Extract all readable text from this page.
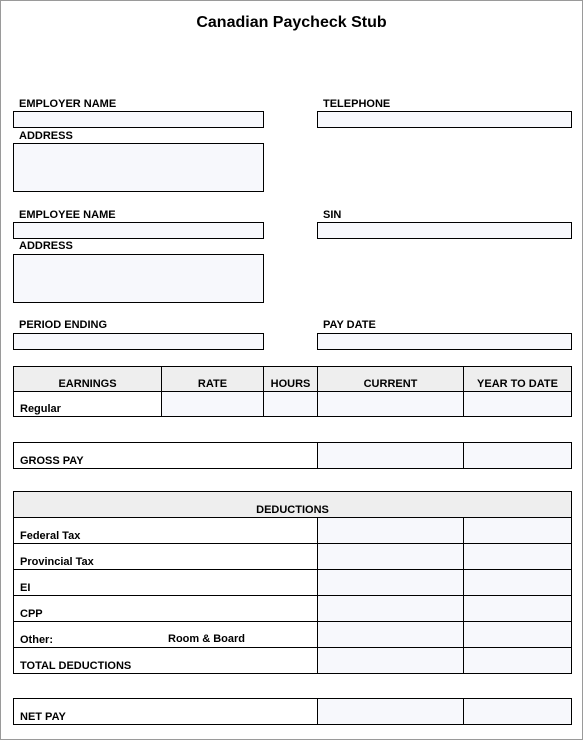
Canadian Paycheck Stub
EMPLOYER NAME	TELEPHONE
ADDRESS
EMPLOYEE NAME	SIN
ADDRESS
PERIOD ENDING	PAY DATE
EARNINGS	RATE	HOURS	CURRENT	YEAR TO DATE
Regular
GROSS PAY
DEDUCTIONS
Federal Tax
Provincial Tax
EI
CPP
Other:	Room & Board
TOTAL DEDUCTIONS
NET PAY
